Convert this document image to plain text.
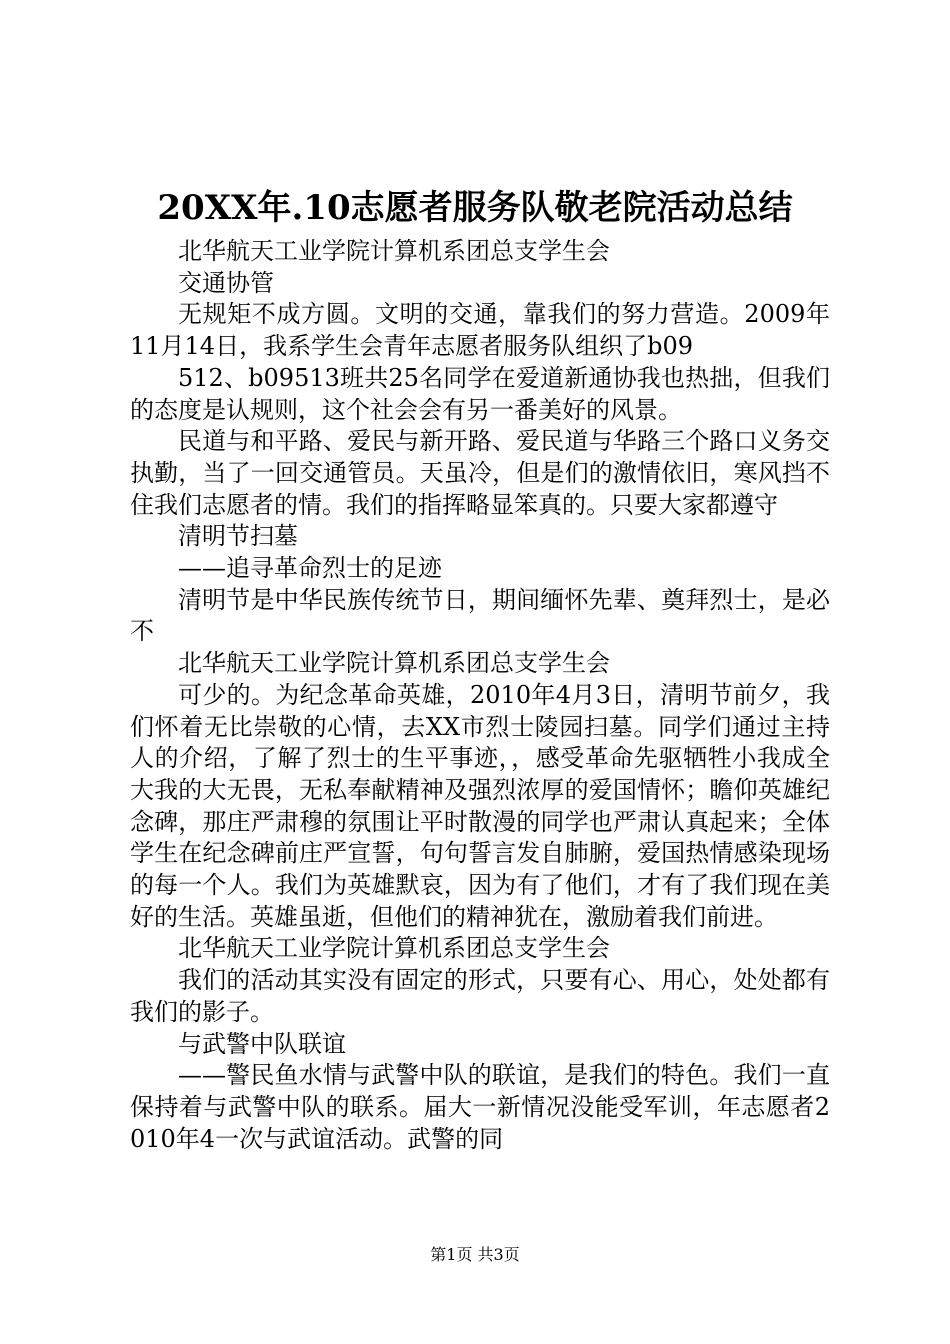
20XX年.10志愿者服务队敬老院活动总结

北华航天工业学院计算机系团总支学生会

交通协管

无规矩不成方圆。文明的交通，靠我们的努力营造。2009年11月14日，我系学生会青年志愿者服务队组织了b09

512、b09513班共25名同学在爱道新通协我也热拙，但我们的态度是认规则，这个社会会有另一番美好的风景。

民道与和平路、爱民与新开路、爱民道与华路三个路口义务交执勤，当了一回交通管员。天虽冷，但是们的激情依旧，寒风挡不住我们志愿者的情。我们的指挥略显笨真的。只要大家都遵守

清明节扫墓

——追寻革命烈士的足迹

清明节是中华民族传统节日，期间缅怀先辈、奠拜烈士，是必不

北华航天工业学院计算机系团总支学生会

可少的。为纪念革命英雄，2010年4月3日，清明节前夕，我们怀着无比崇敬的心情，去XX市烈士陵园扫墓。同学们通过主持人的介绍，了解了烈士的生平事迹，，感受革命先驱牺牲小我成全大我的大无畏，无私奉献精神及强烈浓厚的爱国情怀；瞻仰英雄纪念碑，那庄严肃穆的氛围让平时散漫的同学也严肃认真起来；全体学生在纪念碑前庄严宣誓，句句誓言发自肺腑，爱国热情感染现场的每一个人。我们为英雄默哀，因为有了他们，才有了我们现在美好的生活。英雄虽逝，但他们的精神犹在，激励着我们前进。

北华航天工业学院计算机系团总支学生会

我们的活动其实没有固定的形式，只要有心、用心，处处都有我们的影子。

与武警中队联谊

——警民鱼水情与武警中队的联谊，是我们的特色。我们一直保持着与武警中队的联系。届大一新情况没能受军训，年志愿者2010年4一次与武谊活动。武警的同

第1页 共3页
